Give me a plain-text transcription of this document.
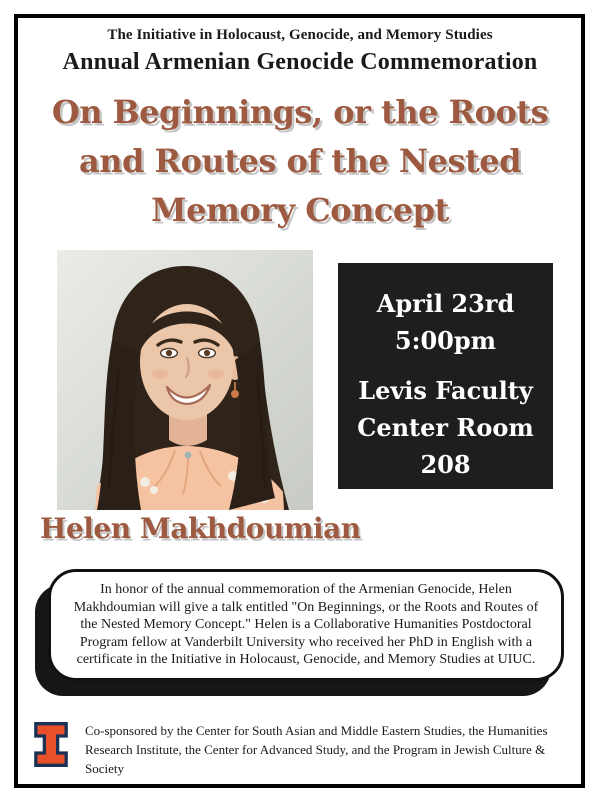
The Initiative in Holocaust, Genocide, and Memory Studies
Annual Armenian Genocide Commemoration
On Beginnings, or the Roots
and Routes of the Nested
Memory Concept
April 23rd
5:00pm
Levis Faculty
Center Room
208
Helen Makhdoumian

In honor of the annual commemoration of the Armenian Genocide, Helen Makhdoumian will give a talk entitled "On Beginnings, or the Roots and Routes of the Nested Memory Concept." Helen is a Collaborative Humanities Postdoctoral Program fellow at Vanderbilt University who received her PhD in English with a certificate in the Initiative in Holocaust, Genocide, and Memory Studies at UIUC.

Co-sponsored by the Center for South Asian and Middle Eastern Studies, the Humanities Research Institute, the Center for Advanced Study, and the Program in Jewish Culture & Society
